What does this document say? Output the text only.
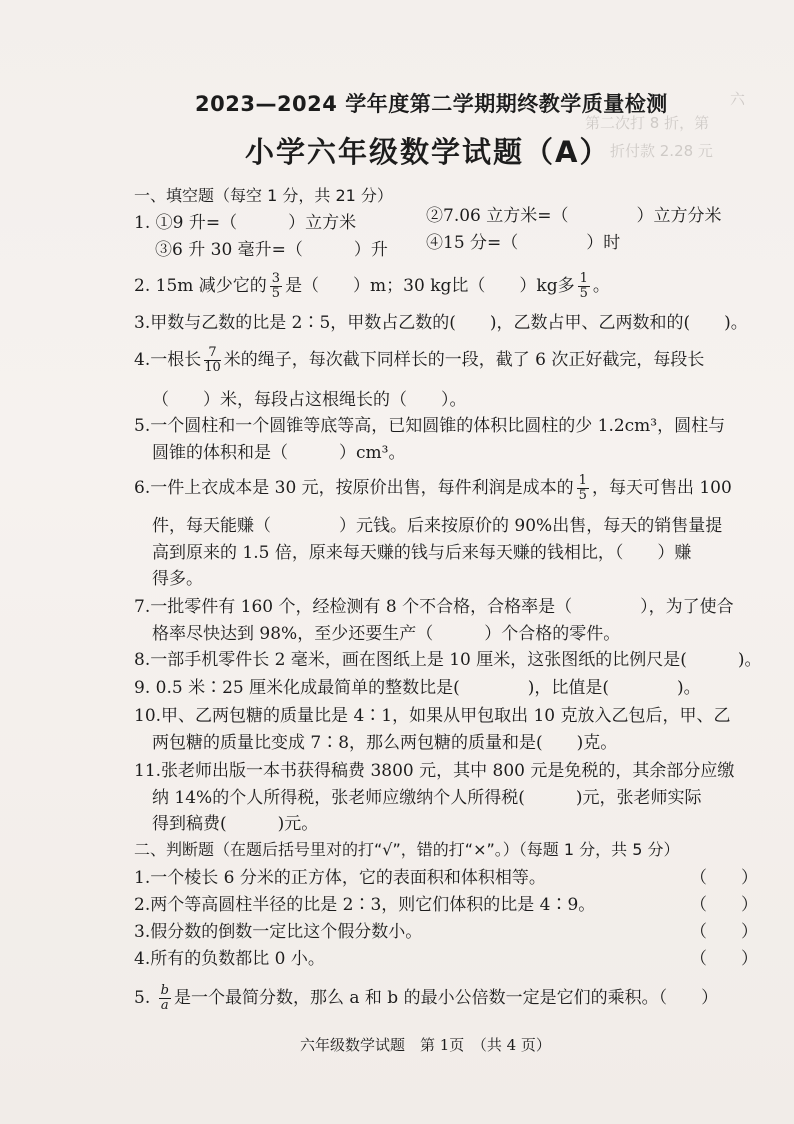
第二次打 8 折，第
折付款 2.28 元
六
2023—2024 学年度第二学期期终教学质量检测
小学六年级数学试题（A）
一、填空题（每空 1 分，共 21 分）
1. ①9 升=（　　　）立方米	②7.06 立方米=（　　　　）立方分米
③6 升 30 毫升=（　　　）升 ④15 分=（　　　　）时
2. 15m 减少它的 $\frac{3}{5}$ 是（　　）m；30 kg比（　　）kg多 $\frac{1}{5}$ 。
3.甲数与乙数的比是 2∶5，甲数占乙数的(　　)，乙数占甲、乙两数和的(　　)。
4.一根长 $\frac{7}{10}$ 米的绳子，每次截下同样长的一段，截了 6 次正好截完，每段长
（　　）米，每段占这根绳长的（　　）。
5.一个圆柱和一个圆锥等底等高，已知圆锥的体积比圆柱的少 1.2cm³，圆柱与
圆锥的体积和是（　　　）cm³。
6.一件上衣成本是 30 元，按原价出售，每件利润是成本的 $\frac{1}{5}$ ，每天可售出 100
件，每天能赚（　　　　）元钱。后来按原价的 90%出售，每天的销售量提
高到原来的 1.5 倍，原来每天赚的钱与后来每天赚的钱相比，（　　）赚
得多。
7.一批零件有 160 个，经检测有 8 个不合格，合格率是（　　　　），为了使合
格率尽快达到 98%，至少还要生产（　　　）个合格的零件。
8.一部手机零件长 2 毫米，画在图纸上是 10 厘米，这张图纸的比例尺是(　　　)。
9. 0.5 米∶25 厘米化成最简单的整数比是(　　　　)，比值是(　　　　)。
10.甲、乙两包糖的质量比是 4∶1，如果从甲包取出 10 克放入乙包后，甲、乙
两包糖的质量比变成 7∶8，那么两包糖的质量和是(　　)克。
11.张老师出版一本书获得稿费 3800 元，其中 800 元是免税的，其余部分应缴
纳 14%的个人所得税，张老师应缴纳个人所得税(　　　)元，张老师实际
得到稿费(　　　)元。
二、判断题（在题后括号里对的打“√”，错的打“×”。）（每题 1 分，共 5 分）
1.一个棱长 6 分米的正方体，它的表面积和体积相等。	（　　）
2.两个等高圆柱半径的比是 2∶3，则它们体积的比是 4∶9。	（　　）
3.假分数的倒数一定比这个假分数小。	（　　）
4.所有的负数都比 0 小。	（　　）
5. $\frac{b}{a}$ 是一个最简分数，那么 a 和 b 的最小公倍数一定是它们的乘积。（　　）
六年级数学试题　第 1页　（共 4 页）
